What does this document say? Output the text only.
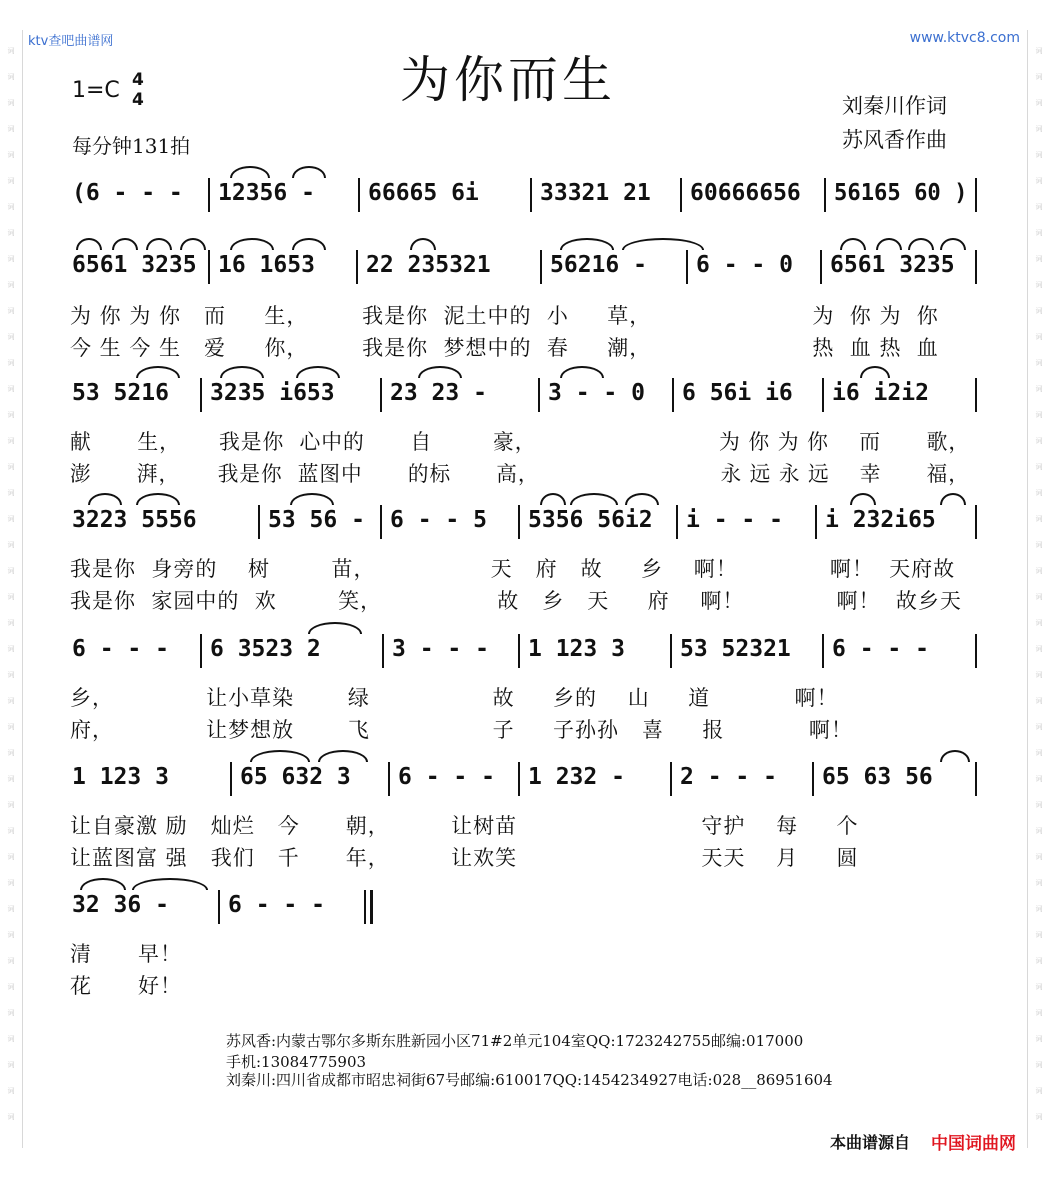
词
词
词
词
词
词
词
词
词
词
词
词
词
词
词
词
词
词
词
词
词
词
词
词
词
词
词
词
词
词
词
词
词
词
词
词
词
词
词
词
词
词
词
词
词
词
词
词
词
词
词
词
词
词
词
词
词
词
词
词
词
词
词
词
词
词
词
词
词
词
词
词
词
词
词
词
词
词
词
词
词
词
词
词
ktv查吧曲谱网	www.ktvc8.com
为你而生
1=C 4
4
每分钟131拍
刘秦川作词
苏风香作曲
(6 - - - 12356 - 66665 6i	33321 21 60666656 56165 60 )
6561 3235 16 1653 22 235321	56216 - 6 - - 0 6561 3235
为 你 为 你   而     生，       我是你  泥土中的  小     草，                     为  你 为  你
今 生 今 生   爱     你，       我是你  梦想中的  春     潮，                     热  血 热  血
53 5216 3235 i653 23 23 -	3 - - 0 6 56i i6 i6 i2i2
献      生，     我是你  心中的      自        豪，                        为 你 为 你    而      歌，
澎      湃，     我是你  蓝图中      的标      高，                        永 远 永 远    幸      福，
3223 5556	53 56 - 6 - - 5 5356 56i2 i - - - i 232i65
我是你  身旁的    树        苗，               天   府   故     乡    啊！            啊！  天府故
我是你  家园中的  欢        笑，               故   乡   天     府    啊！            啊！  故乡天
6 - - - 6 3523 2	3 - - - 1 123 3 53 52321 6 - - -
乡，            让小草染       绿                故     乡的    山     道           啊！
府，            让梦想放       飞                子     子孙孙   喜     报           啊！
1 123 3	65 632 3 6 - - - 1 232 - 2 - - - 65 63 56
让自豪激 励   灿烂   今      朝，        让树苗                        守护    每     个
让蓝图富 强   我们   千      年，        让欢笑                        天天    月     圆
32 36 -	6 - - -
清      早！
花      好！
苏风香:内蒙古鄂尔多斯东胜新园小区71#2单元104室QQ:1723242755邮编:017000
手机:13084775903
刘秦川:四川省成都市昭忠祠街67号邮编:610017QQ:1454234927电话:028__86951604
本曲谱源自 中国词曲网
